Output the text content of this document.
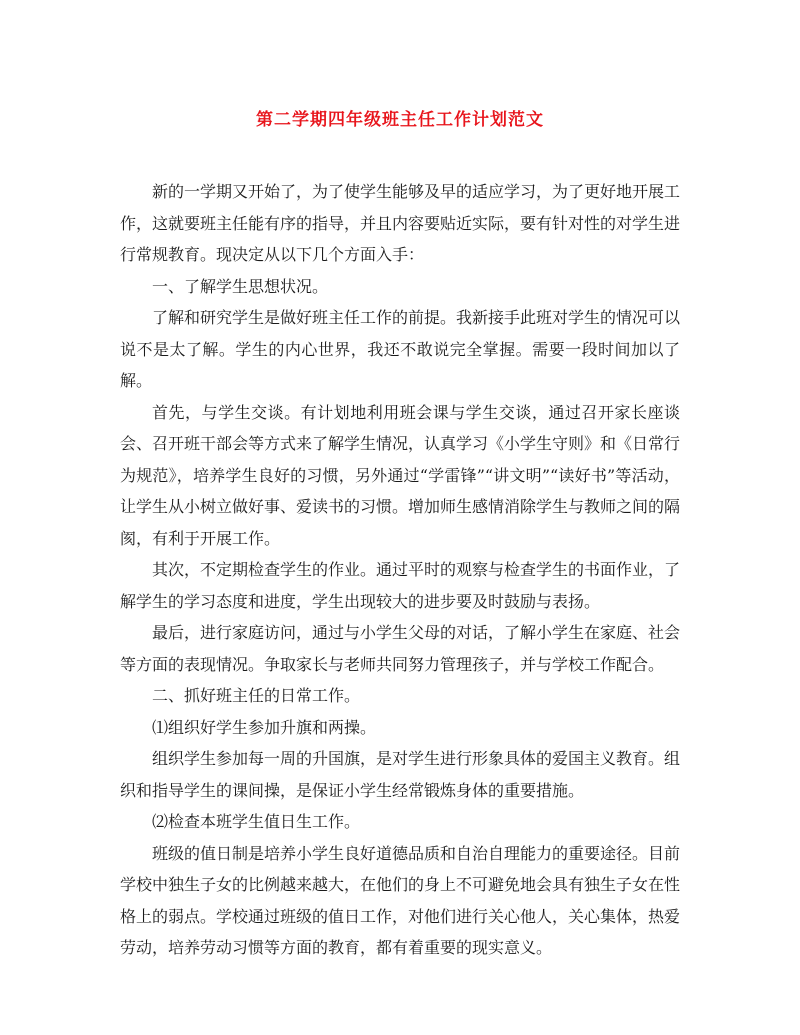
第二学期四年级班主任工作计划范文

新的一学期又开始了，为了使学生能够及早的适应学习，为了更好地开展工作，这就要班主任能有序的指导，并且内容要贴近实际，要有针对性的对学生进行常规教育。现决定从以下几个方面入手：

一、了解学生思想状况。

了解和研究学生是做好班主任工作的前提。我新接手此班对学生的情况可以说不是太了解。学生的内心世界，我还不敢说完全掌握。需要一段时间加以了解。

首先，与学生交谈。有计划地利用班会课与学生交谈，通过召开家长座谈会、召开班干部会等方式来了解学生情况，认真学习《小学生守则》和《日常行为规范》，培养学生良好的习惯，另外通过“学雷锋”“讲文明”“读好书”等活动，让学生从小树立做好事、爱读书的习惯。增加师生感情消除学生与教师之间的隔阂，有利于开展工作。

其次，不定期检查学生的作业。通过平时的观察与检查学生的书面作业，了解学生的学习态度和进度，学生出现较大的进步要及时鼓励与表扬。

最后，进行家庭访问，通过与小学生父母的对话，了解小学生在家庭、社会等方面的表现情况。争取家长与老师共同努力管理孩子，并与学校工作配合。

二、抓好班主任的日常工作。

⑴组织好学生参加升旗和两操。

组织学生参加每一周的升国旗，是对学生进行形象具体的爱国主义教育。组织和指导学生的课间操，是保证小学生经常锻炼身体的重要措施。

⑵检查本班学生值日生工作。

班级的值日制是培养小学生良好道德品质和自治自理能力的重要途径。目前学校中独生子女的比例越来越大，在他们的身上不可避免地会具有独生子女在性格上的弱点。学校通过班级的值日工作，对他们进行关心他人，关心集体，热爱劳动，培养劳动习惯等方面的教育，都有着重要的现实意义。
